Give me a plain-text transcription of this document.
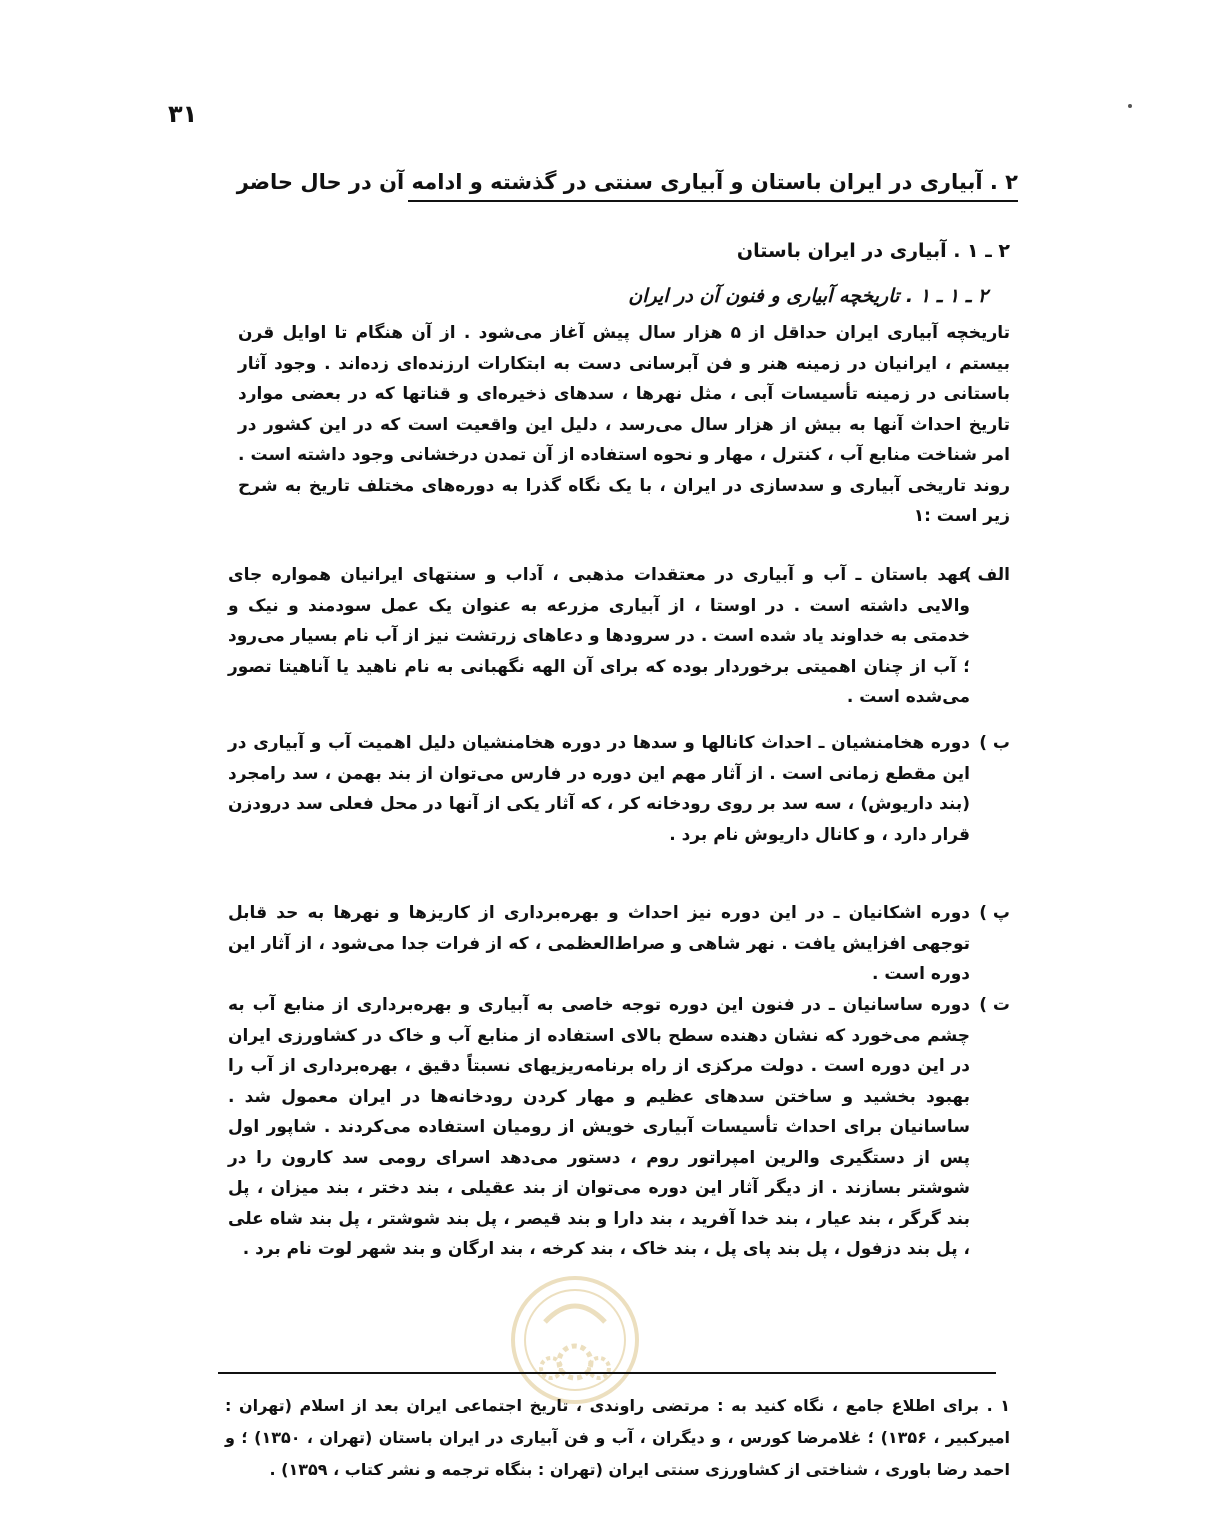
۳۱
۲ . آبیاری در ایران باستان و آبیاری سنتی در گذشته و ادامه آن در حال حاضر
۲ ـ ۱ . آبیاری در ایران باستان
۲ ـ ۱ ـ ۱ . تاریخچه آبیاری و فنون آن در ایران
تاریخچه آبیاری ایران حداقل از ۵ هزار سال پیش آغاز می‌شود . از آن هنگام تا اوایل قرن بیستم ، ایرانیان در زمینه هنر و فن آبرسانی دست به ابتکارات ارزنده‌ای زده‌اند . وجود آثار باستانی در زمینه تأسیسات آبی ، مثل نهرها ، سدهای ذخیره‌ای و قناتها که در بعضی موارد تاریخ احداث آنها به بیش از هزار سال می‌رسد ، دلیل این واقعیت است که در این کشور در امر شناخت منابع آب ، کنترل ، مهار و نحوه استفاده از آن تمدن درخشانی وجود داشته است . روند تاریخی آبیاری و سدسازی در ایران ، با یک نگاه گذرا به دوره‌های مختلف تاریخ به شرح زیر است :۱
الف )
عهد باستان ـ آب و آبیاری در معتقدات مذهبی ، آداب و سنتهای ایرانیان همواره جای والایی داشته است . در اوستا ، از آبیاری مزرعه به عنوان یک عمل سودمند و نیک و خدمتی به خداوند یاد شده است . در سرودها و دعاهای زرتشت نیز از آب نام بسیار می‌رود ؛ آب از چنان اهمیتی برخوردار بوده که برای آن الهه نگهبانی به نام ناهید یا آناهیتا تصور می‌شده است .
ب )
دوره هخامنشیان ـ احداث کانالها و سدها در دوره هخامنشیان دلیل اهمیت آب و آبیاری در این مقطع زمانی است . از آثار مهم این دوره در فارس می‌توان از بند بهمن ، سد رامجرد (بند داریوش) ، سه سد بر روی رودخانه کر ، که آثار یکی از آنها در محل فعلی سد درودزن قرار دارد ، و کانال داریوش نام برد .
پ )
دوره اشکانیان ـ در این دوره نیز احداث و بهره‌برداری از کاریزها و نهرها به حد قابل توجهی افزایش یافت . نهر شاهی و صراط‌العظمی ، که از فرات جدا می‌شود ، از آثار این دوره است .
ت )
دوره ساسانیان ـ در فنون این دوره توجه خاصی به آبیاری و بهره‌برداری از منابع آب به چشم می‌خورد که نشان دهنده سطح بالای استفاده از منابع آب و خاک در کشاورزی ایران در این دوره است . دولت مرکزی از راه برنامه‌ریزیهای نسبتاً دقیق ، بهره‌برداری از آب را بهبود بخشید و ساختن سدهای عظیم و مهار کردن رودخانه‌ها در ایران معمول شد . ساسانیان برای احداث تأسیسات آبیاری خویش از رومیان استفاده می‌کردند . شاپور اول پس از دستگیری والرین امپراتور روم ، دستور می‌دهد اسرای رومی سد کارون را در شوشتر بسازند . از دیگر آثار این دوره می‌توان از بند عقیلی ، بند دختر ، بند میزان ، پل بند گرگر ، بند عیار ، بند خدا آفرید ، بند دارا و بند قیصر ، پل بند شوشتر ، پل بند شاه علی ، پل بند دزفول ، پل بند پای پل ، بند خاک ، بند کرخه ، بند ارگان و بند شهر لوت نام برد .
۱ . برای اطلاع جامع ، نگاه کنید به : مرتضی راوندی ، تاریخ اجتماعی ایران بعد از اسلام (تهران : امیرکبیر ، ۱۳۵۶) ؛ غلامرضا کورس ، و دیگران ، آب و فن آبیاری در ایران باستان (تهران ، ۱۳۵۰) ؛ و احمد رضا باوری ، شناختی از کشاورزی سنتی ایران (تهران : بنگاه ترجمه و نشر کتاب ، ۱۳۵۹) .
